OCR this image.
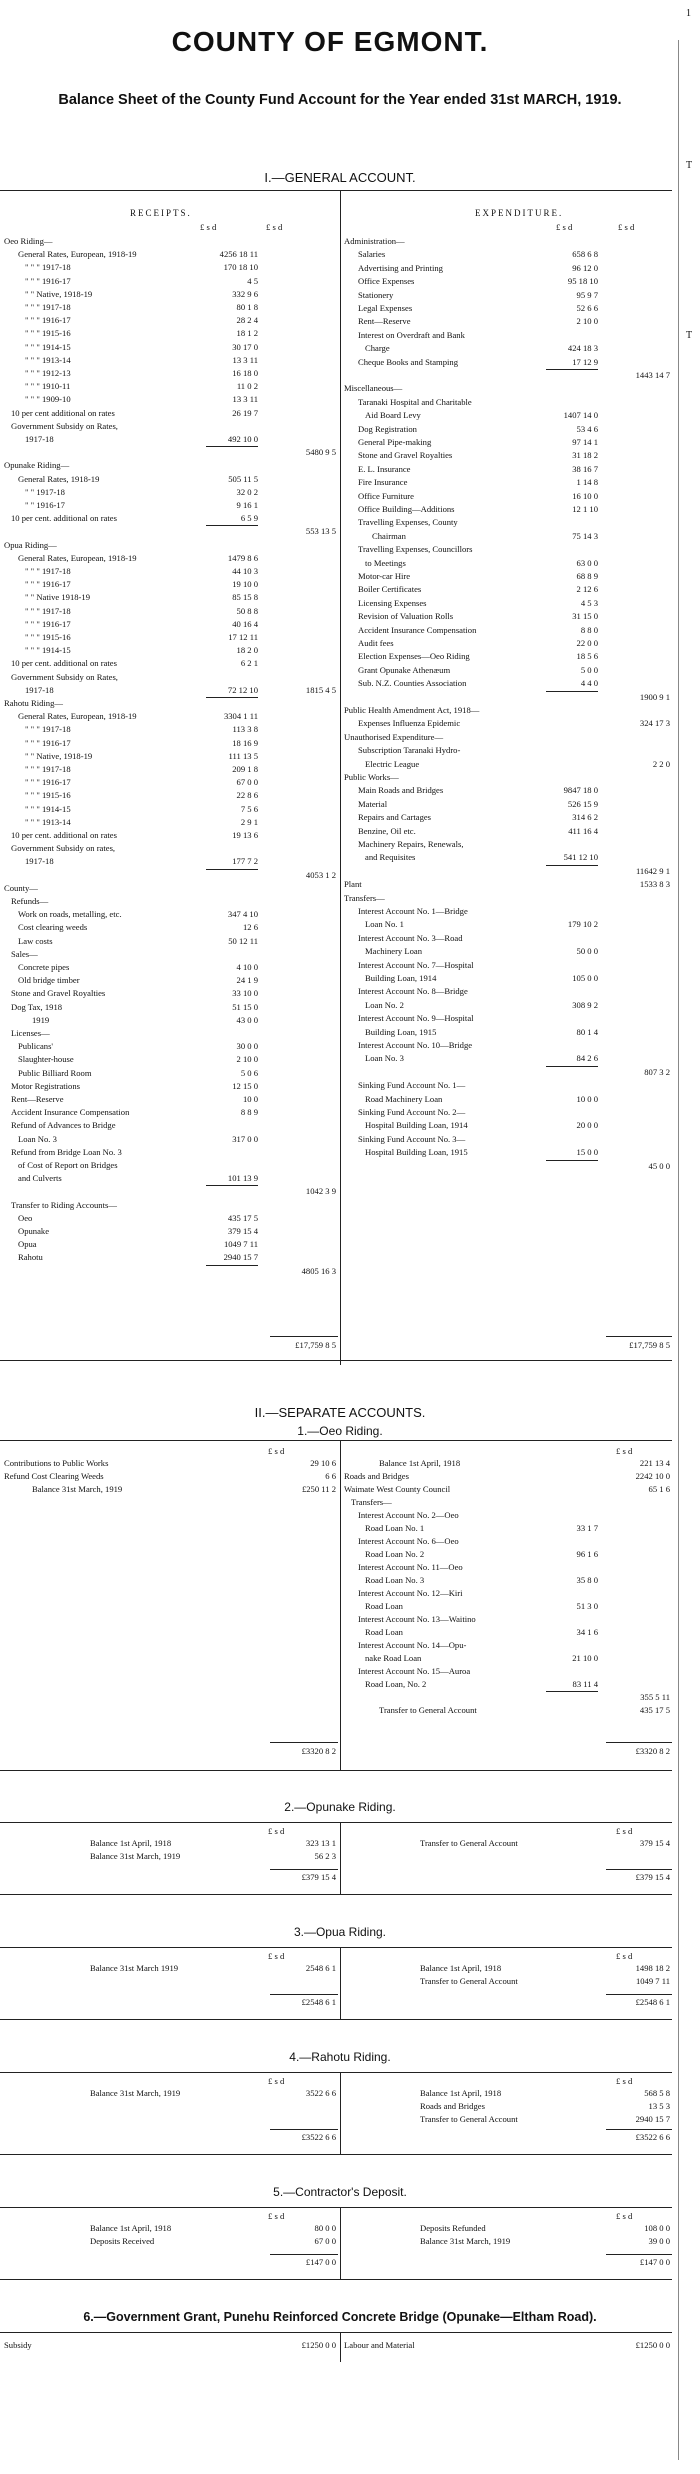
COUNTY OF EGMONT.
Balance Sheet of the County Fund Account for the Year ended 31st MARCH, 1919.
I.—GENERAL ACCOUNT.
RECEIPTS.	EXPENDITURE.
£ s d	£ s d	£ s d	£ s d
Oeo Riding—
General Rates, European, 1918-19	4256 18 11
" " " 1917-18	170 18 10
" " " 1916-17	4 5
" " Native, 1918-19	332 9 6
" " " 1917-18	80 1 8
" " " 1916-17	28 2 4
" " " 1915-16	18 1 2
" " " 1914-15	30 17 0
" " " 1913-14	13 3 11
" " " 1912-13	16 18 0
" " " 1910-11	11 0 2
" " " 1909-10	13 3 11
10 per cent additional on rates	26 19 7
Government Subsidy on Rates,
1917-18	492 10 0
5480 9 5
Opunake Riding—
General Rates, 1918-19	505 11 5
" " 1917-18	32 0 2
" " 1916-17	9 16 1
10 per cent. additional on rates	6 5 9
553 13 5
Opua Riding—
General Rates, European, 1918-19	1479 8 6
" " " 1917-18	44 10 3
" " " 1916-17	19 10 0
" " Native 1918-19	85 15 8
" " " 1917-18	50 8 8
" " " 1916-17	40 16 4
" " " 1915-16	17 12 11
" " " 1914-15	18 2 0
10 per cent. additional on rates	6 2 1
Government Subsidy on Rates,
1917-18	72 12 10	1815 4 5
Rahotu Riding—
General Rates, European, 1918-19	3304 1 11
" " " 1917-18	113 3 8
" " " 1916-17	18 16 9
" " Native, 1918-19	111 13 5
" " " 1917-18	209 1 8
" " " 1916-17	67 0 0
" " " 1915-16	22 8 6
" " " 1914-15	7 5 6
" " " 1913-14	2 9 1
10 per cent. additional on rates	19 13 6
Government Subsidy on rates,
1917-18	177 7 2
4053 1 2
County—
Refunds—
Work on roads, metalling, etc.	347 4 10
Cost clearing weeds	12 6
Law costs	50 12 11
Sales—
Concrete pipes	4 10 0
Old bridge timber	24 1 9
Stone and Gravel Royalties	33 10 0
Dog Tax, 1918	51 15 0
1919	43 0 0
Licenses—
Publicans'	30 0 0
Slaughter-house	2 10 0
Public Billiard Room	5 0 6
Motor Registrations	12 15 0
Rent—Reserve	10 0
Accident Insurance Compensation	8 8 9
Refund of Advances to Bridge
Loan No. 3	317 0 0
Refund from Bridge Loan No. 3
of Cost of Report on Bridges
and Culverts	101 13 9
1042 3 9
Transfer to Riding Accounts—
Oeo	435 17 5
Opunake	379 15 4
Opua	1049 7 11
Rahotu	2940 15 7
4805 16 3
Administration—
Salaries	658 6 8
Advertising and Printing	96 12 0
Office Expenses	95 18 10
Stationery	95 9 7
Legal Expenses	52 6 6
Rent—Reserve	2 10 0
Interest on Overdraft and Bank
Charge	424 18 3
Cheque Books and Stamping	17 12 9
1443 14 7
Miscellaneous—
Taranaki Hospital and Charitable
Aid Board Levy	1407 14 0
Dog Registration	53 4 6
General Pipe-making	97 14 1
Stone and Gravel Royalties	31 18 2
E. L. Insurance	38 16 7
Fire Insurance	1 14 8
Office Furniture	16 10 0
Office Building—Additions	12 1 10
Travelling Expenses, County
Chairman	75 14 3
Travelling Expenses, Councillors
to Meetings	63 0 0
Motor-car Hire	68 8 9
Boiler Certificates	2 12 6
Licensing Expenses	4 5 3
Revision of Valuation Rolls	31 15 0
Accident Insurance Compensation	8 8 0
Audit fees	22 0 0
Election Expenses—Oeo Riding	18 5 6
Grant Opunake Athenæum	5 0 0
Sub. N.Z. Counties Association	4 4 0
1900 9 1
Public Health Amendment Act, 1918—
Expenses Influenza Epidemic	324 17 3
Unauthorised Expenditure—
Subscription Taranaki Hydro-
Electric League	2 2 0
Public Works—
Main Roads and Bridges	9847 18 0
Material	526 15 9
Repairs and Cartages	314 6 2
Benzine, Oil etc.	411 16 4
Machinery Repairs, Renewals,
and Requisites	541 12 10
11642 9 1
Plant	1533 8 3
Transfers—
Interest Account No. 1—Bridge
Loan No. 1	179 10 2
Interest Account No. 3—Road
Machinery Loan	50 0 0
Interest Account No. 7—Hospital
Building Loan, 1914	105 0 0
Interest Account No. 8—Bridge
Loan No. 2	308 9 2
Interest Account No. 9—Hospital
Building Loan, 1915	80 1 4
Interest Account No. 10—Bridge
Loan No. 3	84 2 6
807 3 2
Sinking Fund Account No. 1—
Road Machinery Loan	10 0 0
Sinking Fund Account No. 2—
Hospital Building Loan, 1914	20 0 0
Sinking Fund Account No. 3—
Hospital Building Loan, 1915	15 0 0
45 0 0
£17,759 8 5	£17,759 8 5
II.—SEPARATE ACCOUNTS.
1.—Oeo Riding.
£ s d	£ s d
Contributions to Public Works	29 10 6
Refund Cost Clearing Weeds	6 6
Balance 31st March, 1919	£250 11 2
Balance 1st April, 1918	221 13 4
Roads and Bridges	2242 10 0
Waimate West County Council	65 1 6
Transfers—
Interest Account No. 2—Oeo
Road Loan No. 1	33 1 7
Interest Account No. 6—Oeo
Road Loan No. 2	96 1 6
Interest Account No. 11—Oeo
Road Loan No. 3	35 8 0
Interest Account No. 12—Kiri
Road Loan	51 3 0
Interest Account No. 13—Waitino
Road Loan	34 1 6
Interest Account No. 14—Opu-
nake Road Loan	21 10 0
Interest Account No. 15—Auroa
Road Loan, No. 2	83 11 4
355 5 11
Transfer to General Account	435 17 5
£3320 8 2	£3320 8 2
2.—Opunake Riding.
£ s d	£ s d
Balance 1st April, 1918	323 13 1
Balance 31st March, 1919	56 2 3
Transfer to General Account	379 15 4
£379 15 4	£379 15 4
3.—Opua Riding.
£ s d	£ s d
Balance 31st March 1919	2548 6 1	Balance 1st April, 1918	1498 18 2
Transfer to General Account	1049 7 11
£2548 6 1	£2548 6 1
4.—Rahotu Riding.
£ s d	£ s d
Balance 31st March, 1919	3522 6 6	Balance 1st April, 1918	568 5 8
Roads and Bridges	13 5 3
Transfer to General Account	2940 15 7
£3522 6 6	£3522 6 6
5.—Contractor's Deposit.
£ s d	£ s d
Balance 1st April, 1918	80 0 0
Deposits Received	67 0 0
Deposits Refunded	108 0 0
Balance 31st March, 1919	39 0 0
£147 0 0	£147 0 0
6.—Government Grant, Punehu Reinforced Concrete Bridge (Opunake—Eltham Road).
Subsidy	£1250 0 0 Labour and Material	£1250 0 0
1
T
T
